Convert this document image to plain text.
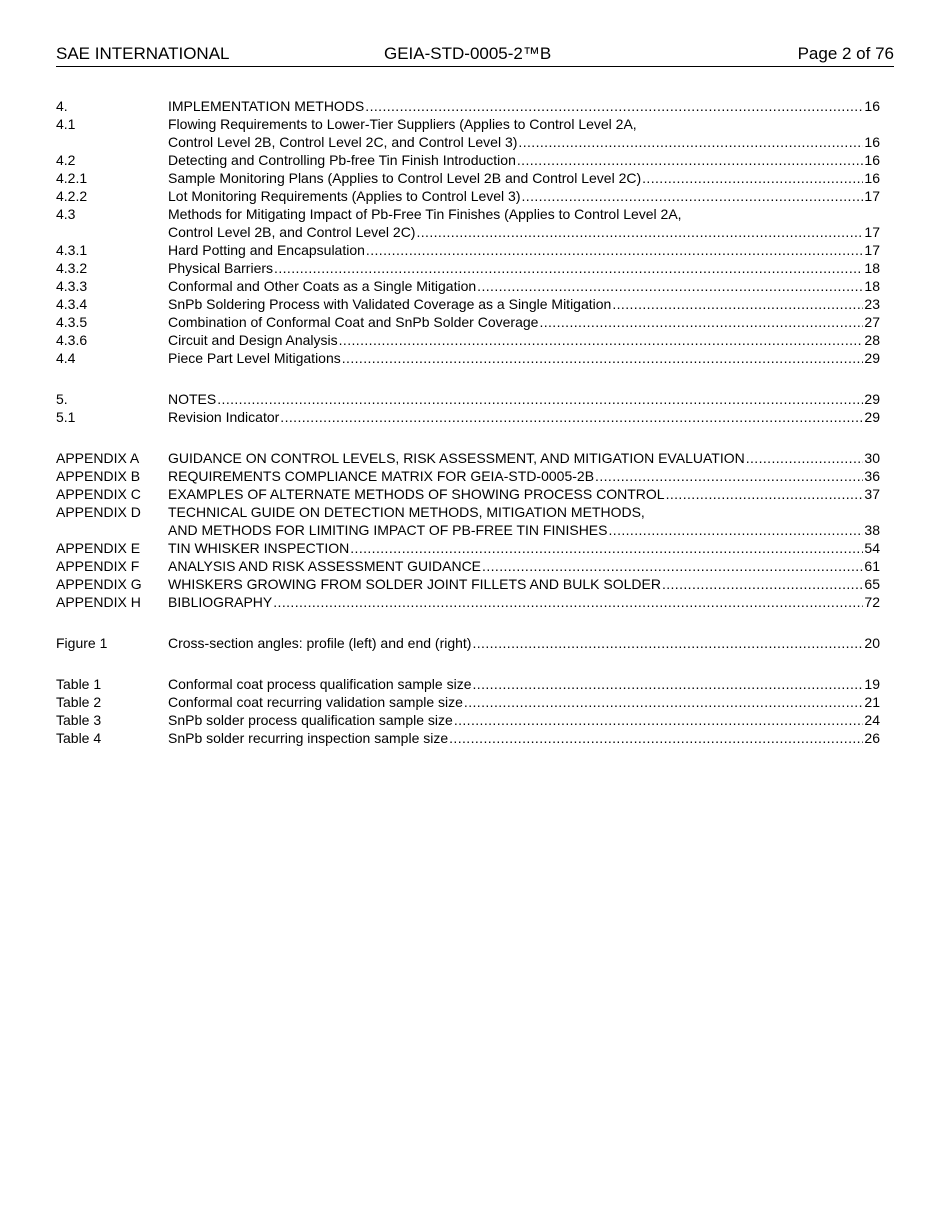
SAE INTERNATIONAL	GEIA-STD-0005-2™B	Page 2 of 76
4.	IMPLEMENTATION METHODS .....	16
4.1	Flowing Requirements to Lower-Tier Suppliers (Applies to Control Level 2A,
Control Level 2B, Control Level 2C, and Control Level 3) .....	16
4.2	Detecting and Controlling Pb-free Tin Finish Introduction .....	16
4.2.1	Sample Monitoring Plans (Applies to Control Level 2B and Control Level 2C) .....	16
4.2.2	Lot Monitoring Requirements (Applies to Control Level 3) .....	17
4.3	Methods for Mitigating Impact of Pb-Free Tin Finishes (Applies to Control Level 2A,
Control Level 2B, and Control Level 2C) .....	17
4.3.1	Hard Potting and Encapsulation .....	17
4.3.2	Physical Barriers .....	18
4.3.3	Conformal and Other Coats as a Single Mitigation .....	18
4.3.4	SnPb Soldering Process with Validated Coverage as a Single Mitigation .....	23
4.3.5	Combination of Conformal Coat and SnPb Solder Coverage .....	27
4.3.6	Circuit and Design Analysis .....	28
4.4	Piece Part Level Mitigations .....	29
5.	NOTES .....	29
5.1	Revision Indicator .....	29
APPENDIX A	GUIDANCE ON CONTROL LEVELS, RISK ASSESSMENT, AND MITIGATION EVALUATION .....	30
APPENDIX B	REQUIREMENTS COMPLIANCE MATRIX FOR GEIA-STD-0005-2B .....	36
APPENDIX C	EXAMPLES OF ALTERNATE METHODS OF SHOWING PROCESS CONTROL .....	37
APPENDIX D	TECHNICAL GUIDE ON DETECTION METHODS, MITIGATION METHODS,
AND METHODS FOR LIMITING IMPACT OF PB-FREE TIN FINISHES .....	38
APPENDIX E	TIN WHISKER INSPECTION .....	54
APPENDIX F	ANALYSIS AND RISK ASSESSMENT GUIDANCE .....	61
APPENDIX G	WHISKERS GROWING FROM SOLDER JOINT FILLETS AND BULK SOLDER .....	65
APPENDIX H	BIBLIOGRAPHY .....	72
Figure 1	Cross-section angles: profile (left) and end (right) .....	20
Table 1	Conformal coat process qualification sample size .....	19
Table 2	Conformal coat recurring validation sample size .....	21
Table 3	SnPb solder process qualification sample size .....	24
Table 4	SnPb solder recurring inspection sample size .....	26
